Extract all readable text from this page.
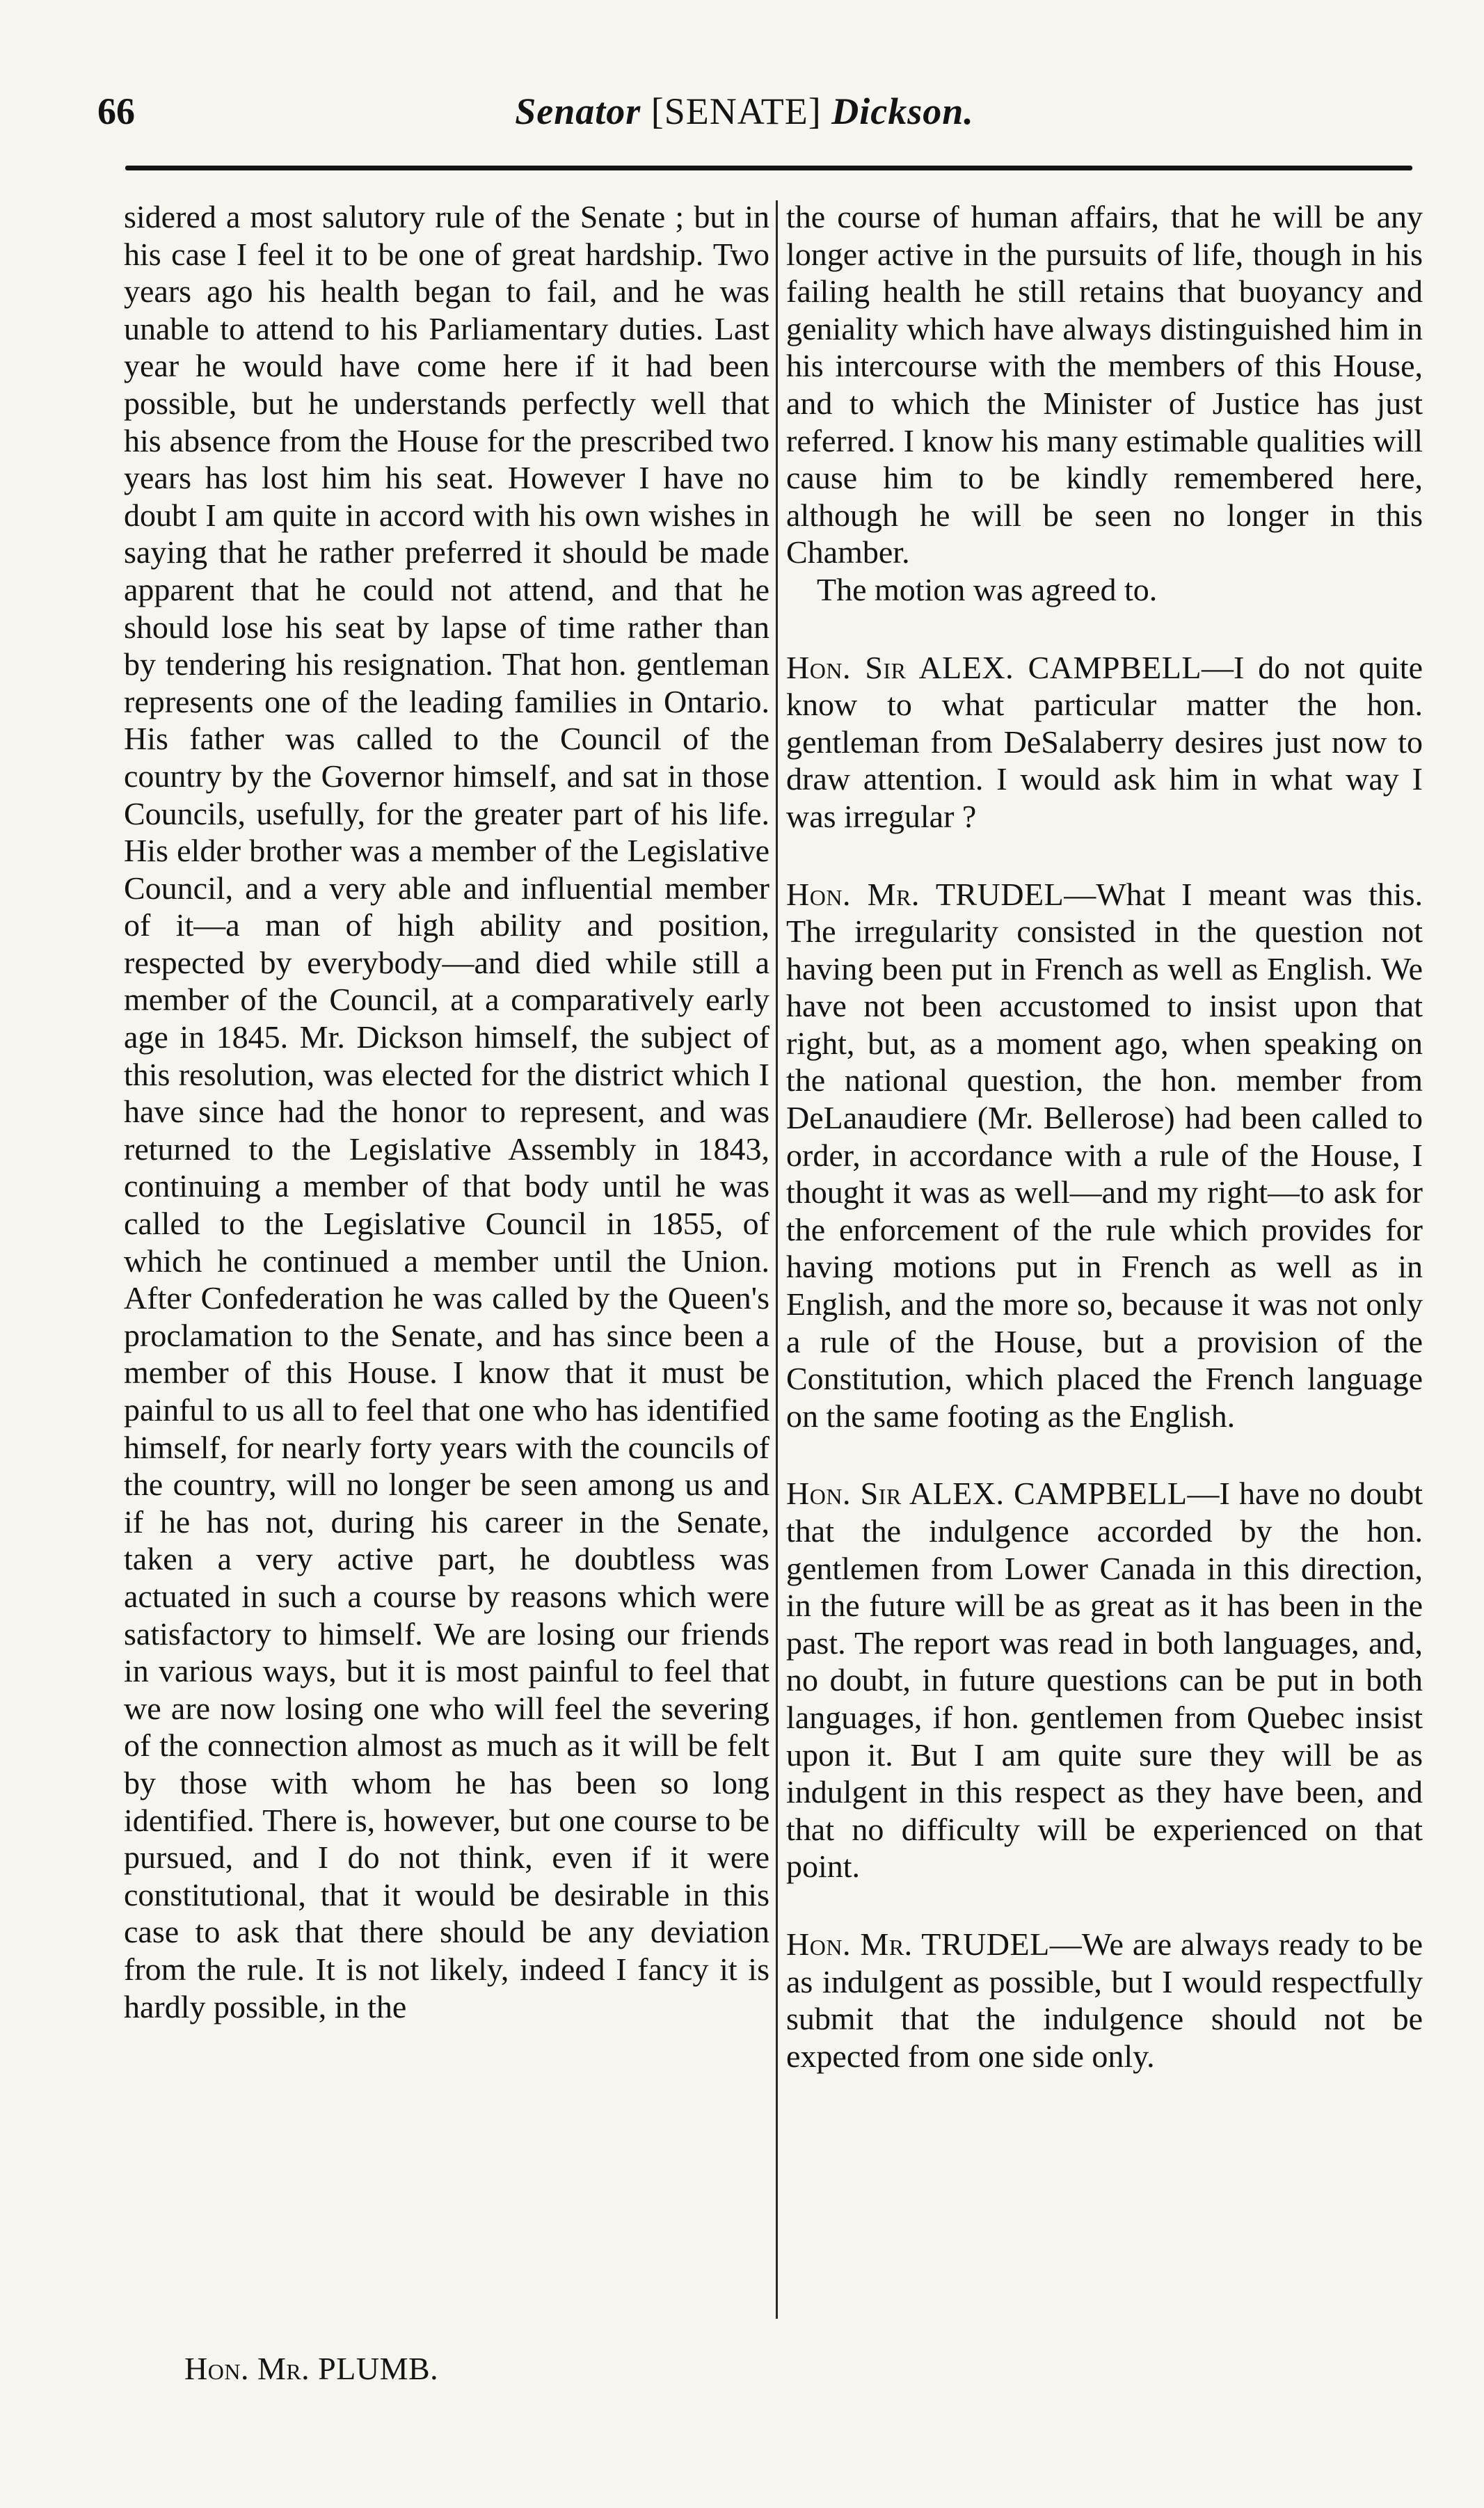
66	Senator [SENATE] Dickson.

sidered a most salutory rule of the Senate ; but in his case I feel it to be one of great hardship. Two years ago his health began to fail, and he was unable to attend to his Parliamentary duties. Last year he would have come here if it had been possible, but he understands perfectly well that his absence from the House for the prescribed two years has lost him his seat. However I have no doubt I am quite in accord with his own wishes in saying that he rather preferred it should be made apparent that he could not attend, and that he should lose his seat by lapse of time rather than by tendering his resignation. That hon. gentleman represents one of the leading families in Ontario. His father was called to the Council of the country by the Governor himself, and sat in those Councils, usefully, for the greater part of his life. His elder brother was a member of the Legislative Council, and a very able and influential member of it—a man of high ability and position, respected by everybody—and died while still a member of the Council, at a comparatively early age in 1845. Mr. Dickson himself, the subject of this resolution, was elected for the district which I have since had the honor to represent, and was returned to the Legislative Assembly in 1843, continuing a member of that body until he was called to the Legislative Council in 1855, of which he continued a member until the Union. After Confederation he was called by the Queen's proclamation to the Senate, and has since been a member of this House. I know that it must be painful to us all to feel that one who has identified himself, for nearly forty years with the councils of the country, will no longer be seen among us and if he has not, during his career in the Senate, taken a very active part, he doubtless was actuated in such a course by reasons which were satisfactory to himself. We are losing our friends in various ways, but it is most painful to feel that we are now losing one who will feel the severing of the connection almost as much as it will be felt by those with whom he has been so long identified. There is, however, but one course to be pursued, and I do not think, even if it were constitutional, that it would be desirable in this case to ask that there should be any deviation from the rule. It is not likely, indeed I fancy it is hardly possible, in the

the course of human affairs, that he will be any longer active in the pursuits of life, though in his failing health he still retains that buoyancy and geniality which have always distinguished him in his intercourse with the members of this House, and to which the Minister of Justice has just referred. I know his many estimable qualities will cause him to be kindly remembered here, although he will be seen no longer in this Chamber.

The motion was agreed to.

Hon. Sir ALEX. CAMPBELL—I do not quite know to what particular matter the hon. gentleman from DeSalaberry desires just now to draw attention. I would ask him in what way I was irregular ?

Hon. Mr. TRUDEL—What I meant was this. The irregularity consisted in the question not having been put in French as well as English. We have not been accustomed to insist upon that right, but, as a moment ago, when speaking on the national question, the hon. member from DeLanaudiere (Mr. Bellerose) had been called to order, in accordance with a rule of the House, I thought it was as well—and my right—to ask for the enforcement of the rule which provides for having motions put in French as well as in English, and the more so, because it was not only a rule of the House, but a provision of the Constitution, which placed the French language on the same footing as the English.

Hon. Sir ALEX. CAMPBELL—I have no doubt that the indulgence accorded by the hon. gentlemen from Lower Canada in this direction, in the future will be as great as it has been in the past. The report was read in both languages, and, no doubt, in future questions can be put in both languages, if hon. gentlemen from Quebec insist upon it. But I am quite sure they will be as indulgent in this respect as they have been, and that no difficulty will be experienced on that point.

Hon. Mr. TRUDEL—We are always ready to be as indulgent as possible, but I would respectfully submit that the indulgence should not be expected from one side only.

Hon. Mr. PLUMB.
